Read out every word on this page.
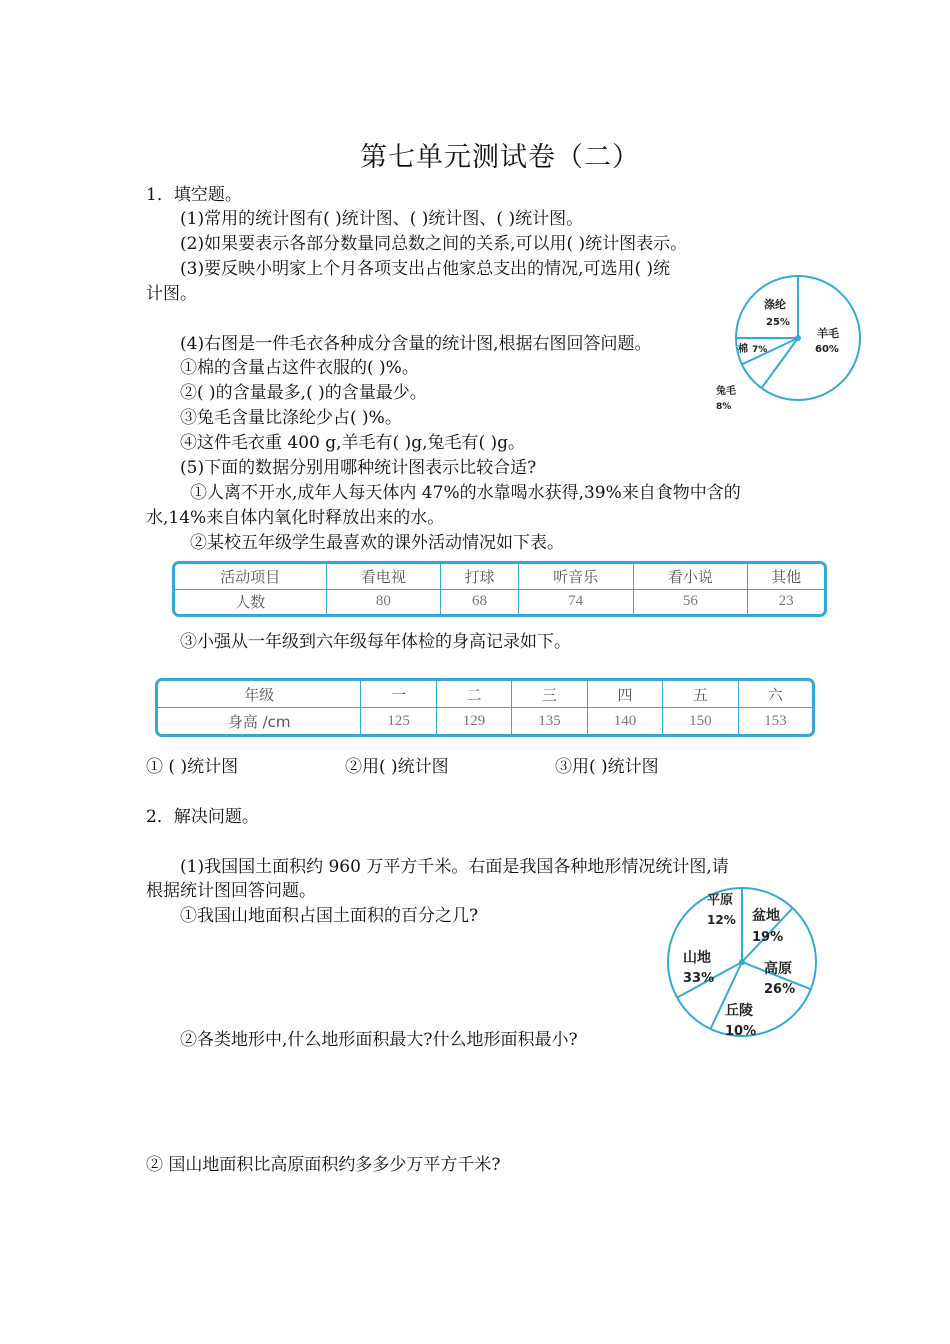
第七单元测试卷（二）
1．填空题。
(1)常用的统计图有( )统计图、( )统计图、( )统计图。
(2)如果要表示各部分数量同总数之间的关系,可以用( )统计图表示。
(3)要反映小明家上个月各项支出占他家总支出的情况,可选用( )统
计图。
(4)右图是一件毛衣各种成分含量的统计图,根据右图回答问题。
①棉的含量占这件衣服的( )%。
②( )的含量最多,( )的含量最少。
③兔毛含量比涤纶少占( )%。
④这件毛衣重 400 g,羊毛有( )g,兔毛有( )g。
(5)下面的数据分别用哪种统计图表示比较合适?
①人离不开水,成年人每天体内 47%的水靠喝水获得,39%来自食物中含的
水,14%来自体内氧化时释放出来的水。
②某校五年级学生最喜欢的课外活动情况如下表。
涤纶
25%
羊毛
60%
棉 7%
兔毛
8%
活动项目	看电视	打球	听音乐	看小说	其他
人数	80	68	74	56	23
③小强从一年级到六年级每年体检的身高记录如下。
年级	一	二	三	四	五	六
身高 /cm	125	129	135	140	150	153
① ( )统计图	②用( )统计图	③用( )统计图
2．解决问题。
(1)我国国土面积约 960 万平方千米。右面是我国各种地形情况统计图,请
根据统计图回答问题。
①我国山地面积占国土面积的百分之几?
②各类地形中,什么地形面积最大?什么地形面积最小?
② 国山地面积比高原面积约多多少万平方千米?
平原
12% 盆地
19%
高原
26%
丘陵
10%
山地
33%
